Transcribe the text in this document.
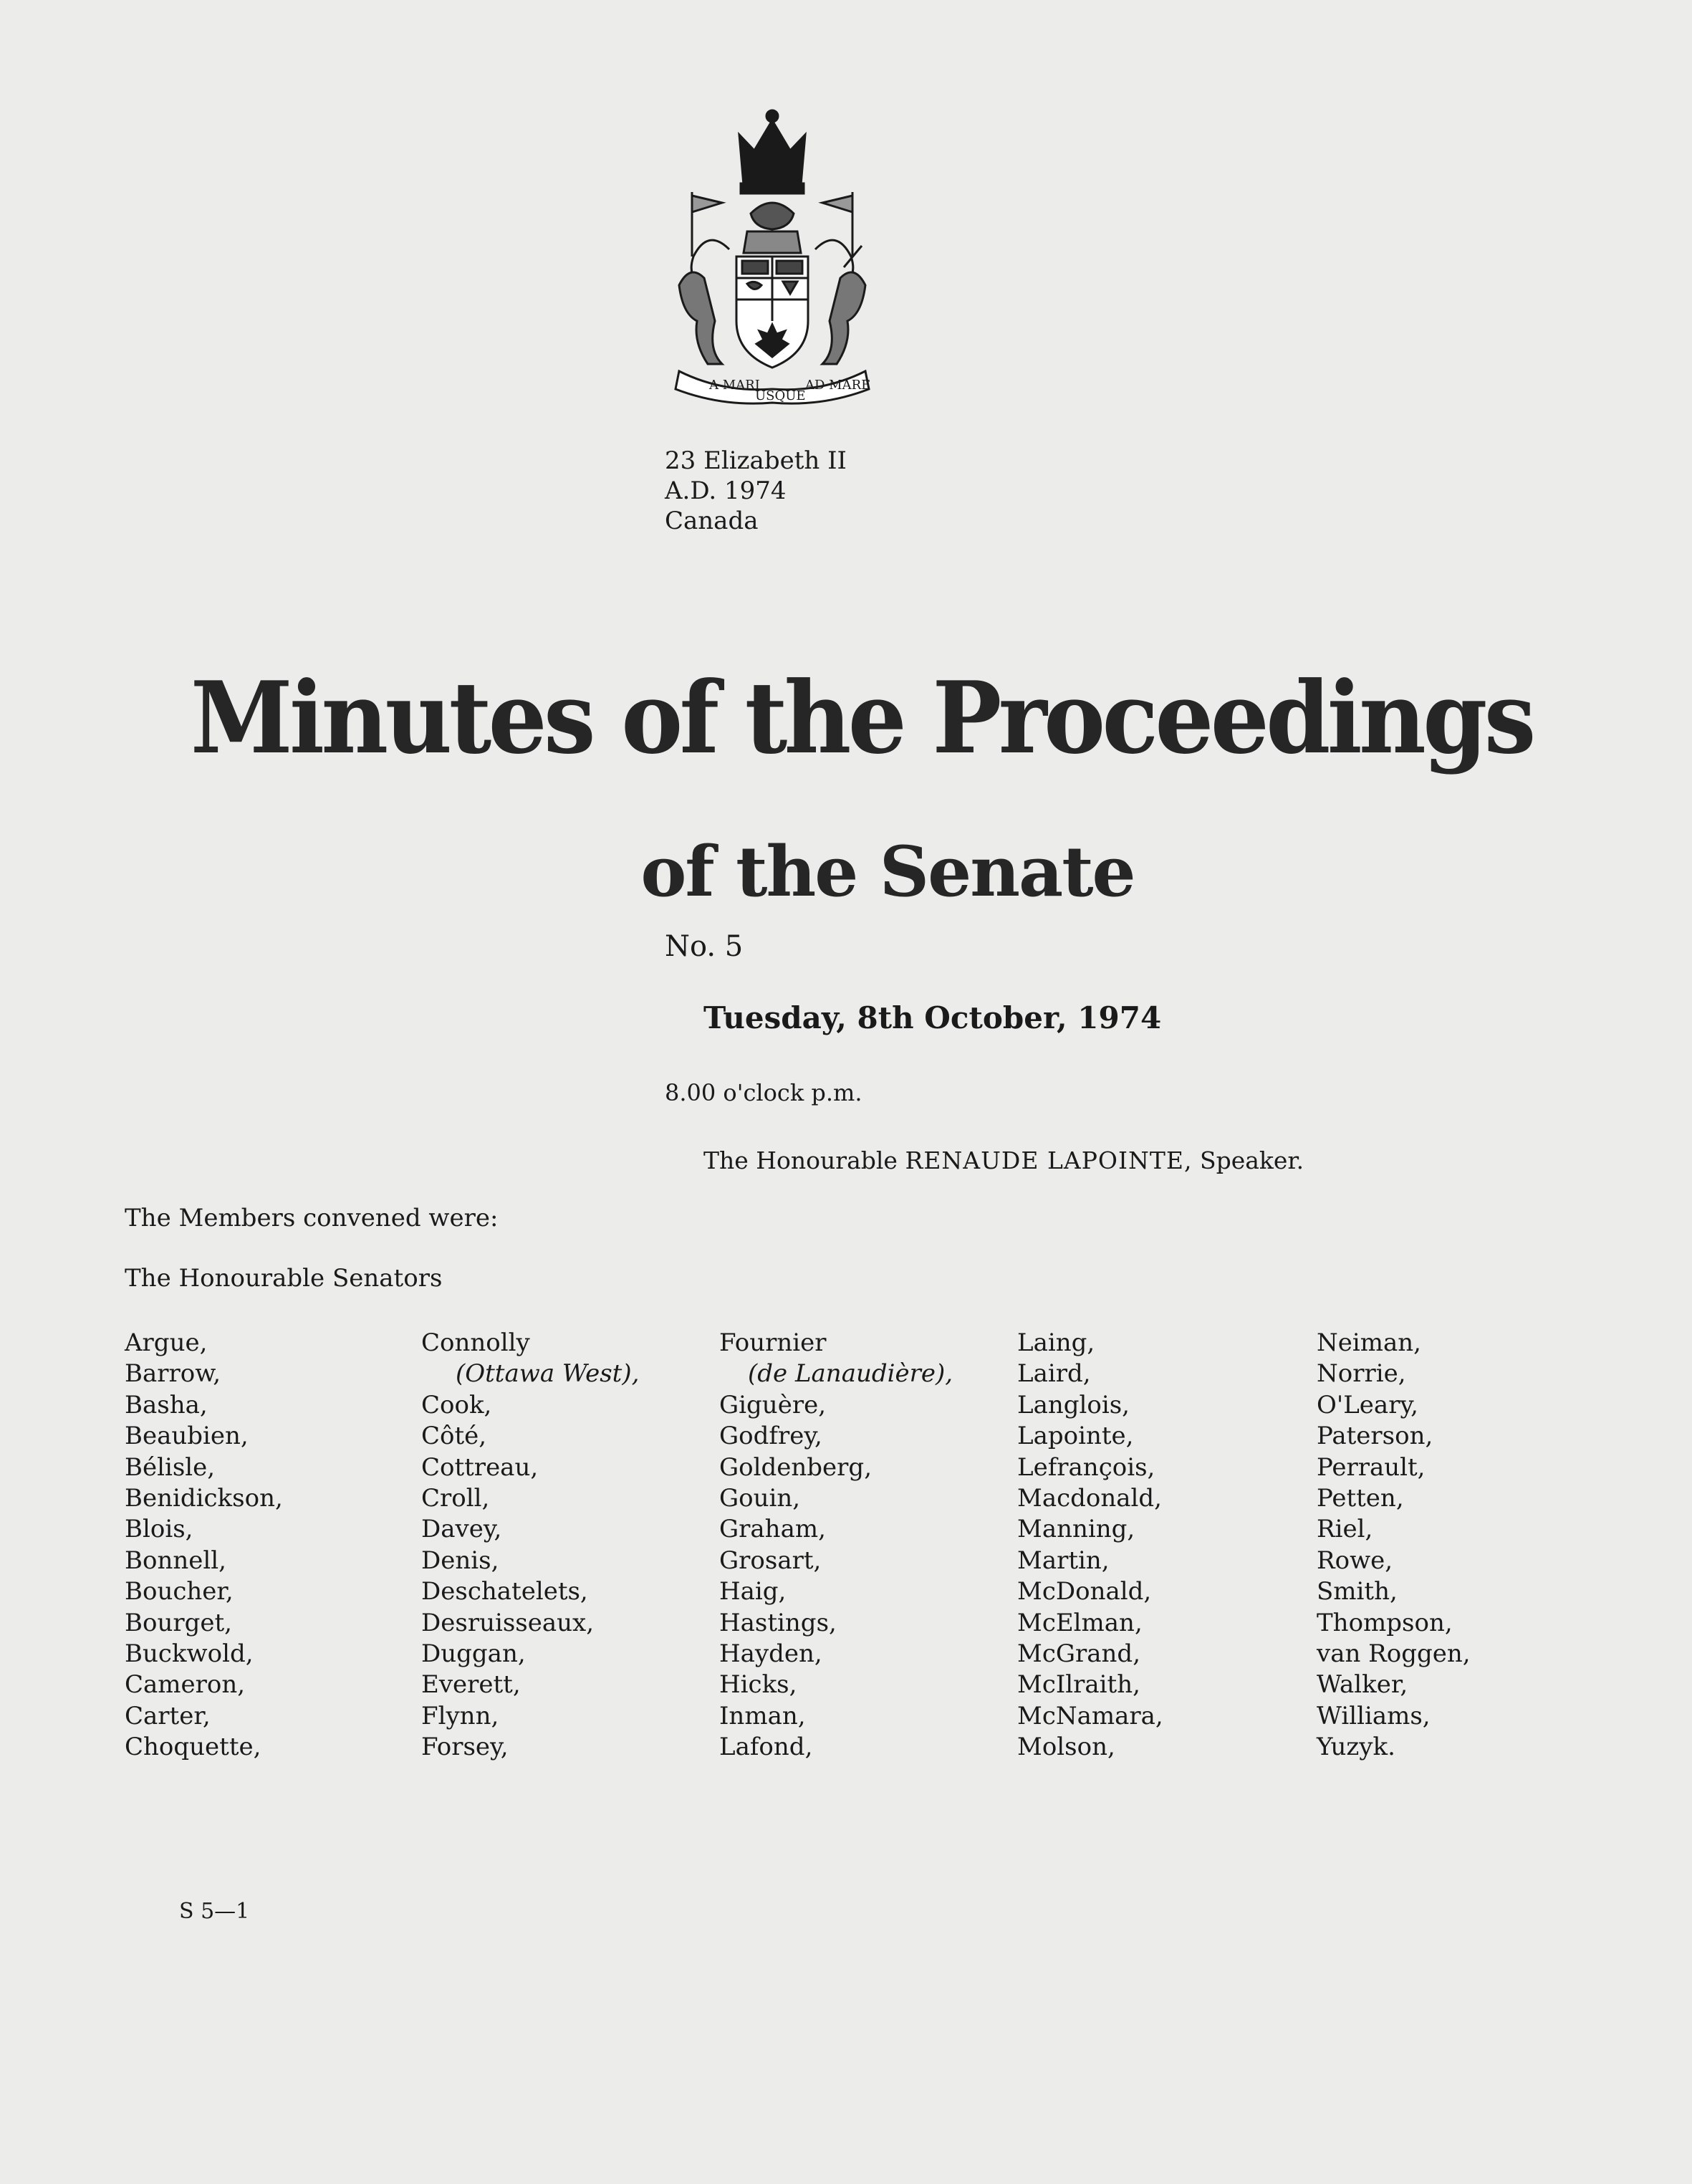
A MARI
USQUE
AD MARE
23 Elizabeth II
A.D. 1974
Canada
Minutes of the Proceedings
of the Senate
No. 5
Tuesday, 8th October, 1974
8.00 o'clock p.m.
The Honourable RENAUDE LAPOINTE, Speaker.
The Members convened were:
The Honourable Senators
Argue,
Barrow,
Basha,
Beaubien,
Bélisle,
Benidickson,
Blois,
Bonnell,
Boucher,
Bourget,
Buckwold,
Cameron,
Carter,
Choquette,
Connolly
(Ottawa West),
Cook,
Côté,
Cottreau,
Croll,
Davey,
Denis,
Deschatelets,
Desruisseaux,
Duggan,
Everett,
Flynn,
Forsey,
Fournier
(de Lanaudière),
Giguère,
Godfrey,
Goldenberg,
Gouin,
Graham,
Grosart,
Haig,
Hastings,
Hayden,
Hicks,
Inman,
Lafond,
Laing,
Laird,
Langlois,
Lapointe,
Lefrançois,
Macdonald,
Manning,
Martin,
McDonald,
McElman,
McGrand,
McIlraith,
McNamara,
Molson,
Neiman,
Norrie,
O'Leary,
Paterson,
Perrault,
Petten,
Riel,
Rowe,
Smith,
Thompson,
van Roggen,
Walker,
Williams,
Yuzyk.
S 5—1
